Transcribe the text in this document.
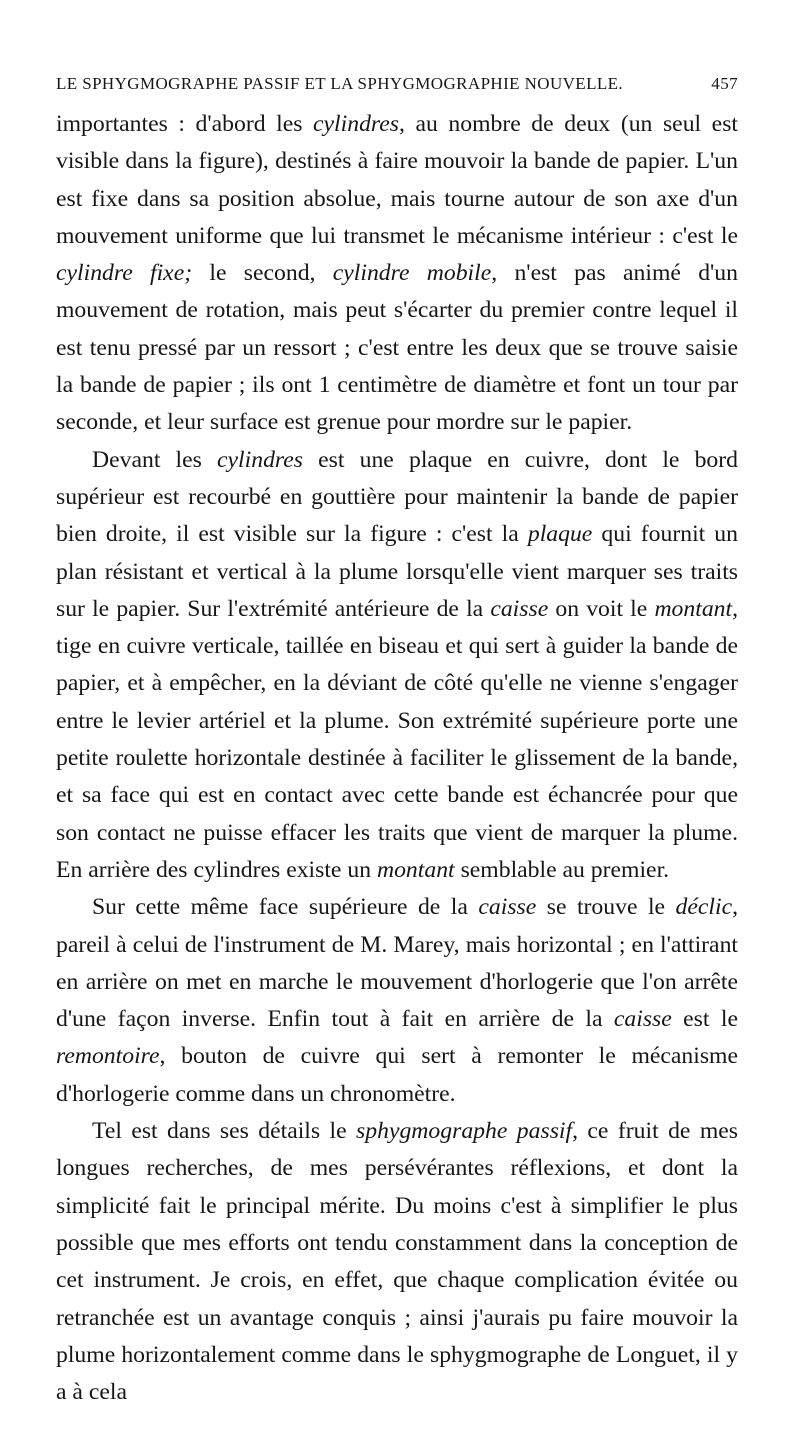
LE SPHYGMOGRAPHE PASSIF ET LA SPHYGMOGRAPHIE NOUVELLE.	457

importantes : d'abord les cylindres, au nombre de deux (un seul est visible dans la figure), destinés à faire mouvoir la bande de papier. L'un est fixe dans sa position absolue, mais tourne autour de son axe d'un mouvement uniforme que lui transmet le mécanisme intérieur : c'est le cylindre fixe; le second, cylindre mobile, n'est pas animé d'un mouvement de rotation, mais peut s'écarter du premier contre lequel il est tenu pressé par un ressort ; c'est entre les deux que se trouve saisie la bande de papier ; ils ont 1 centimètre de diamètre et font un tour par seconde, et leur surface est grenue pour mordre sur le papier.

Devant les cylindres est une plaque en cuivre, dont le bord supérieur est recourbé en gouttière pour maintenir la bande de papier bien droite, il est visible sur la figure : c'est la plaque qui fournit un plan résistant et vertical à la plume lorsqu'elle vient marquer ses traits sur le papier. Sur l'extrémité antérieure de la caisse on voit le montant, tige en cuivre verticale, taillée en biseau et qui sert à guider la bande de papier, et à empêcher, en la déviant de côté qu'elle ne vienne s'engager entre le levier artériel et la plume. Son extrémité supérieure porte une petite roulette horizontale destinée à faciliter le glissement de la bande, et sa face qui est en contact avec cette bande est échancrée pour que son contact ne puisse effacer les traits que vient de marquer la plume. En arrière des cylindres existe un montant semblable au premier.

Sur cette même face supérieure de la caisse se trouve le déclic, pareil à celui de l'instrument de M. Marey, mais horizontal ; en l'attirant en arrière on met en marche le mouvement d'horlogerie que l'on arrête d'une façon inverse. Enfin tout à fait en arrière de la caisse est le remontoire, bouton de cuivre qui sert à remonter le mécanisme d'horlogerie comme dans un chronomètre.

Tel est dans ses détails le sphygmographe passif, ce fruit de mes longues recherches, de mes persévérantes réflexions, et dont la simplicité fait le principal mérite. Du moins c'est à simplifier le plus possible que mes efforts ont tendu constamment dans la conception de cet instrument. Je crois, en effet, que chaque complication évitée ou retranchée est un avantage conquis ; ainsi j'aurais pu faire mouvoir la plume horizontalement comme dans le sphygmographe de Longuet, il y a à cela
